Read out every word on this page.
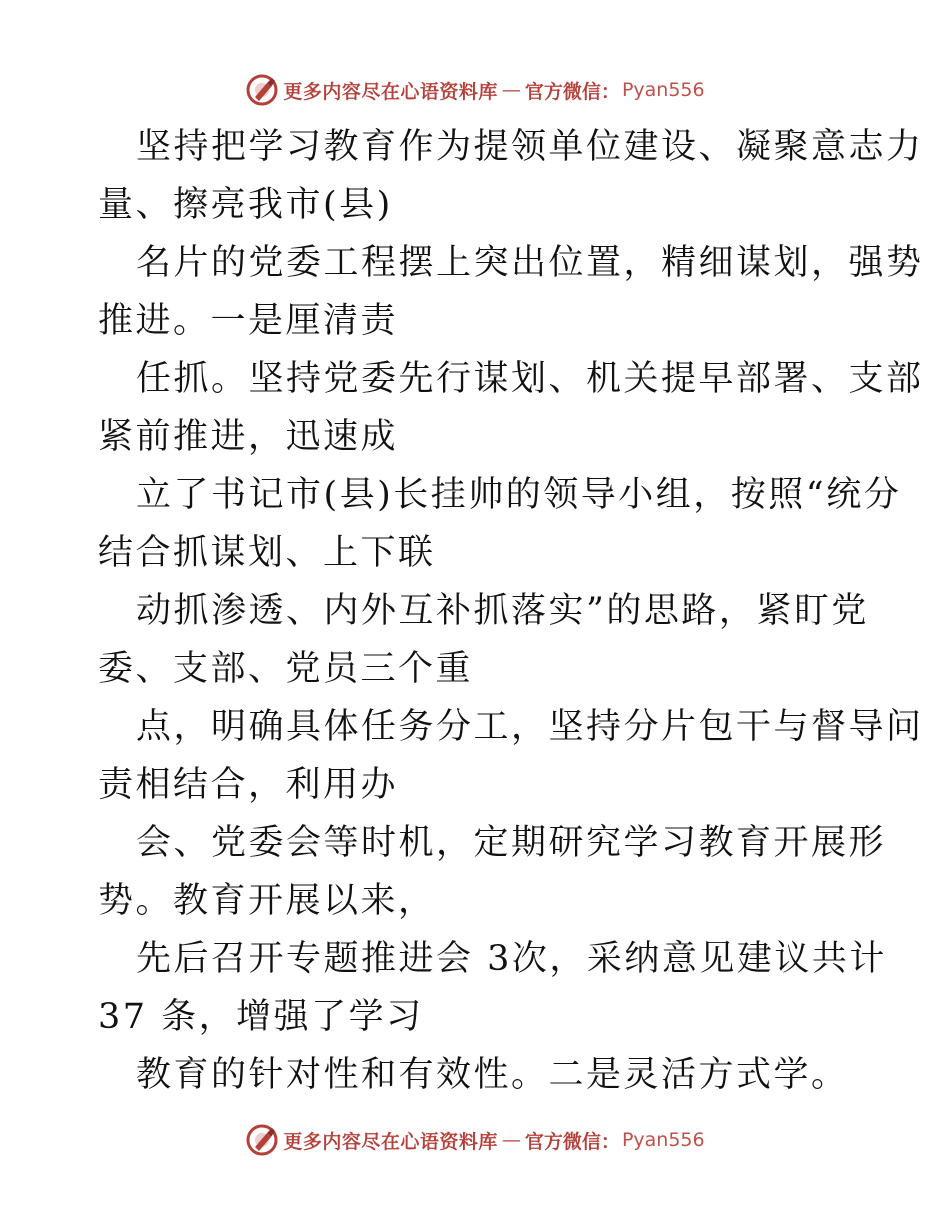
更多内容尽在心语资料库 — 官方微信： Pyan556
坚持把学习教育作为提领单位建设、凝聚意志力
量、擦亮我市(县)
名片的党委工程摆上突出位置，精细谋划，强势
推进。一是厘清责
任抓。坚持党委先行谋划、机关提早部署、支部
紧前推进，迅速成
立了书记市(县)长挂帅的领导小组，按照“统分
结合抓谋划、上下联
动抓渗透、内外互补抓落实”的思路，紧盯党
委、支部、党员三个重
点，明确具体任务分工，坚持分片包干与督导问
责相结合，利用办
会、党委会等时机，定期研究学习教育开展形
势。教育开展以来，
先后召开专题推进会 3次，采纳意见建议共计
37 条，增强了学习
教育的针对性和有效性。二是灵活方式学。
更多内容尽在心语资料库 — 官方微信： Pyan556
